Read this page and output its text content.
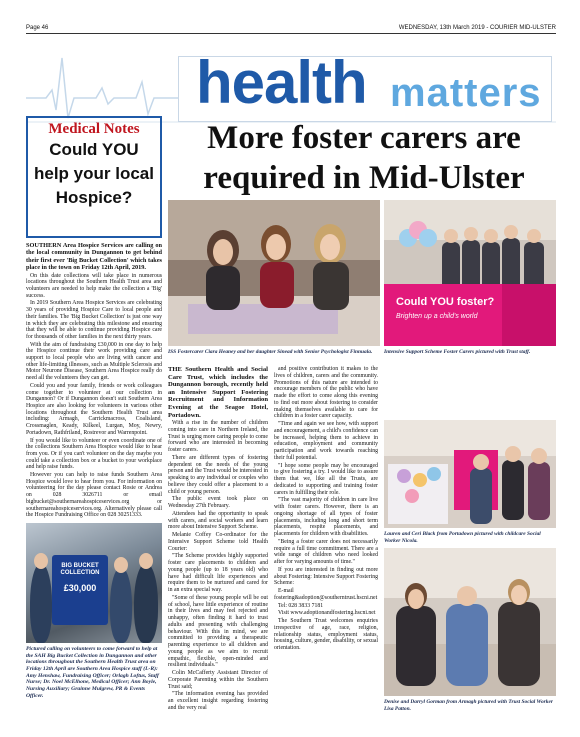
Page 46	WEDNESDAY, 13th March 2019 - COURIER MID-ULSTER
health matters
Medical Notes
Could YOU help your local Hospice?
SOUTHERN Area Hospice Services are calling on the local community in Dungannon to get behind their first ever 'Big Bucket Collection' which takes place in the town on Friday 12th April, 2019.

On this date collections will take place in numerous locations throughout the Southern Health Trust area and volunteers are needed to help make the collection a 'Big' success.

In 2019 Southern Area Hospice Services are celebrating 30 years of providing Hospice Care to local people and their families. The 'Big Bucket Collection' is just one way in which they are celebrating this milestone and ensuring that they will be able to continue providing Hospice care for thousands of other families in the next thirty years.

With the aim of fundraising £30,000 in one day to help the Hospice continue their work providing care and support to local people who are living with cancer and other life-limiting illnesses, such as Multiple Sclerosis and Motor Neurone Disease, Southern Area Hospice really do need all the volunteers they can get.

Could you and your family, friends or work colleagues come together to volunteer at our collection in Dungannon? Or if Dungannon doesn't suit Southern Area Hospice are also looking for volunteers in various other locations throughout the Southern Health Trust area including: Armagh, Carrickmacross, Coalisland, Crossmaglen, Keady, Kilkeel, Lurgan, Moy, Newry, Portadown, Rathfriland, Rostrevor and Warrenpoint.

If you would like to volunteer or even coordinate one of the collections Southern Area Hospice would like to hear from you. Or if you can't volunteer on the day maybe you could take a collection box or a bucket to your workplace and help raise funds.

However you can help to raise funds Southern Area Hospice would love to hear from you. For information on volunteering for the day please contact Rosie or Andrea on 028 3026711 or email bigbucket@southernareahospiceservices.org or southernareahospiceservices.org. Alternatively please call the Hospice Fundraising Office on 028 30251333.

BIG BUCKET COLLECTION
£30,000
Pictured calling on volunteers to come forward to help at the SAH Big Bucket Collection in Dungannon and other locations throughout the Southern Health Trust area on Friday 12th April are Southern Area Hospice staff (L-R): Amy Henshaw, Fundraising Officer; Orlagh Loftus, Staff Nurse; Dr. Noel McElhone, Medical Officer; Ann Boyle, Nursing Auxiliary; Grainne Mulgrew, PR & Events Officer.
More foster carers are required in Mid-Ulster
ISS Fostercarer Ciara Heaney and her daughter Sinead with Senior Psychologist Finnuala.
Could YOU foster?
Brighten up a child's world
Intensive Support Scheme Foster Carers pictured with Trust staff.

THE Southern Health and Social Care Trust, which includes the Dungannon borough, recently held an Intensive Support Fostering Recruitment and Information Evening at the Seagoe Hotel, Portadown.

With a rise in the number of children coming into care in Northern Ireland, the Trust is urging more caring people to come forward who are interested in becoming foster carers.

There are different types of fostering dependent on the needs of the young person and the Trust would be interested in speaking to any individual or couples who believe they could offer a placement to a child or young person.

The public event took place on Wednesday 27th February.

Attendees had the opportunity to speak with carers, and social workers and learn more about Intensive Support Scheme.

Melanie Coffey Co-ordinator for the Intensive Support Scheme told Health Courier:

"The Scheme provides highly supported foster care placements to children and young people (up to 18 years old) who have had difficult life experiences and require them to be nurtured and cared for in an extra special way.

"Some of these young people will be out of school, have little experience of routine in their lives and may feel rejected and unhappy, often finding it hard to trust adults and presenting with challenging behaviour. With this in mind, we are committed to providing a therapeutic parenting experience to all children and young people as we aim to recruit empathic, flexible, open-minded and resilient individuals."

Colin McCafferty Assistant Director of Corporate Parenting within the Southern Trust said;

"The information evening has provided an excellent insight regarding fostering and the very real

and positive contribution it makes to the lives of children, carers and the community. Promotions of this nature are intended to encourage members of the public who have made the effort to come along this evening to find out more about fostering to consider making themselves available to care for children in a foster carer capacity.

"Time and again we see how, with support and encouragement, a child's confidence can be increased, helping them to achieve in education, employment and community participation and work towards reaching their full potential.

"I hope some people may be encouraged to give fostering a try. I would like to assure them that we, like all the Trusts, are dedicated to supporting and training foster carers in fulfilling their role.

"The vast majority of children in care live with foster carers. However, there is an ongoing shortage of all types of foster placements, including long and short term placements, respite placements, and placements for children with disabilities.

"Being a foster carer does not necessarily require a full time commitment. There are a wide range of children who need looked after for varying amounts of time."

If you are interested in finding out more about Fostering: Intensive Support Fostering Scheme:

E-mail fostering&adoption@southerntrust.hscni.net

Tel: 028 3833 7181

Visit www.adoptionandfostering.hscni.net

The Southern Trust welcomes enquiries irrespective of age, race, religion, relationship status, employment status, housing, culture, gender, disability, or sexual orientation.

Lauren and Ceri Black from Portadown pictured with childcare Social Worker Nicola.
Denise and Darryl Gorman from Armagh pictured with Trust Social Worker Lisa Patton.
